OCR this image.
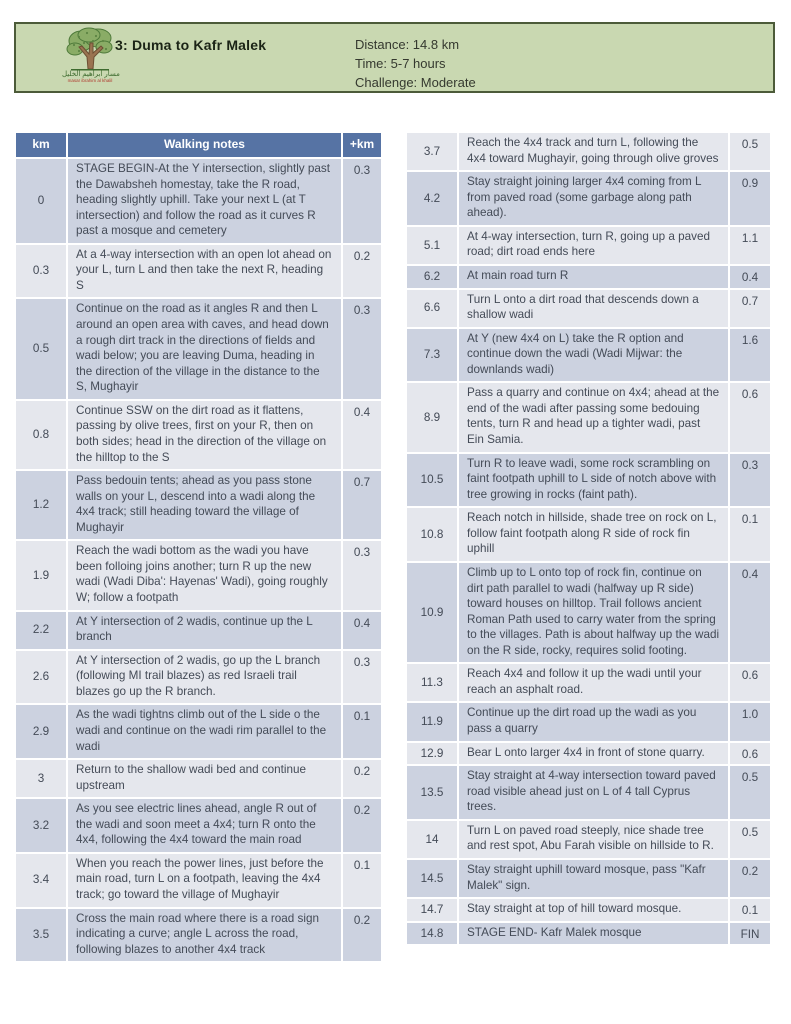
مسار ابراهيم الخليل
masar ibrahim al khalil
3: Duma to Kafr Malek	Distance: 14.8 km
Time: 5-7 hours
Challenge: Moderate
km	Walking notes	+km
0	STAGE BEGIN-At the Y intersection, slightly past the Dawabsheh homestay, take the R road, heading slightly uphill. Take your next L (at T intersection) and follow the road as it curves R past a mosque and cemetery	0.3
0.3	At a 4-way intersection with an open lot ahead on your L, turn L and then take the next R, heading S	0.2
0.5	Continue on the road as it angles R and then L around an open area with caves, and head down a rough dirt track in the directions of fields and wadi below; you are leaving Duma, heading in the direction of the village in the distance to the S, Mughayir	0.3
0.8	Continue SSW on the dirt road as it flattens, passing by olive trees, first on your R, then on both sides; head in the direction of the village on the hilltop to the S	0.4
1.2	Pass bedouin tents; ahead as you pass stone walls on your L, descend into a wadi along the 4x4 track; still heading toward the village of Mughayir	0.7
1.9	Reach the wadi bottom as the wadi you have been folloing joins another; turn R up the new wadi (Wadi Diba': Hayenas' Wadi), going roughly W; follow a footpath	0.3
2.2	At Y intersection of 2 wadis, continue up the L branch	0.4
2.6	At Y intersection of 2 wadis, go up the L branch (following MI trail blazes) as red Israeli trail blazes go up the R branch.	0.3
2.9	As the wadi tightns climb out of the L side o the wadi and continue on the wadi rim parallel to the wadi	0.1
3	Return to the shallow wadi bed and continue upstream	0.2
3.2	As you see electric lines ahead, angle R out of the wadi and soon meet a 4x4; turn R onto the 4x4, following the 4x4 toward the main road	0.2
3.4	When you reach the power lines, just before the main road, turn L on a footpath, leaving the 4x4 track; go toward the village of Mughayir	0.1
3.5	Cross the main road where there is a road sign indicating a curve; angle L across the road, following blazes to another 4x4 track	0.2
3.7	Reach the 4x4 track and turn L, following the 4x4 toward Mughayir, going through olive groves	0.5
4.2	Stay straight joining larger 4x4 coming from L from paved road (some garbage along path ahead).	0.9
5.1	At 4-way intersection, turn R, going up a paved road; dirt road ends here	1.1
6.2	At main road turn R	0.4
6.6	Turn L onto a dirt road that descends down a shallow wadi	0.7
7.3	At Y (new 4x4 on L) take the R option and continue down the wadi (Wadi Mijwar: the downlands wadi)	1.6
8.9	Pass a quarry and continue on 4x4; ahead at the end of the wadi after passing some bedouing tents, turn R and head up a tighter wadi, past Ein Samia.	0.6
10.5	Turn R to leave wadi, some rock scrambling on faint footpath uphill to L side of notch above with tree growing in rocks (faint path).	0.3
10.8	Reach notch in hillside, shade tree on rock on L, follow faint footpath along R side of rock fin uphill	0.1
10.9	Climb up to L onto top of rock fin, continue on dirt path parallel to wadi (halfway up R side) toward houses on hilltop. Trail follows ancient Roman Path used to carry water from the spring to the villages. Path is about halfway up the wadi on the R side, rocky, requires solid footing.	0.4
11.3	Reach 4x4 and follow it up the wadi until your reach an asphalt road.	0.6
11.9	Continue up the dirt road up the wadi as you pass a quarry	1.0
12.9	Bear L onto larger 4x4 in front of stone quarry.	0.6
13.5	Stay straight at 4-way intersection toward paved road visible ahead just on L of 4 tall Cyprus trees.	0.5
14	Turn L on paved road steeply, nice shade tree and rest spot, Abu Farah visible on hillside to R.	0.5
14.5	Stay straight uphill toward mosque, pass "Kafr Malek" sign.	0.2
14.7	Stay straight at top of hill toward mosque.	0.1
14.8	STAGE END- Kafr Malek mosque	FIN
